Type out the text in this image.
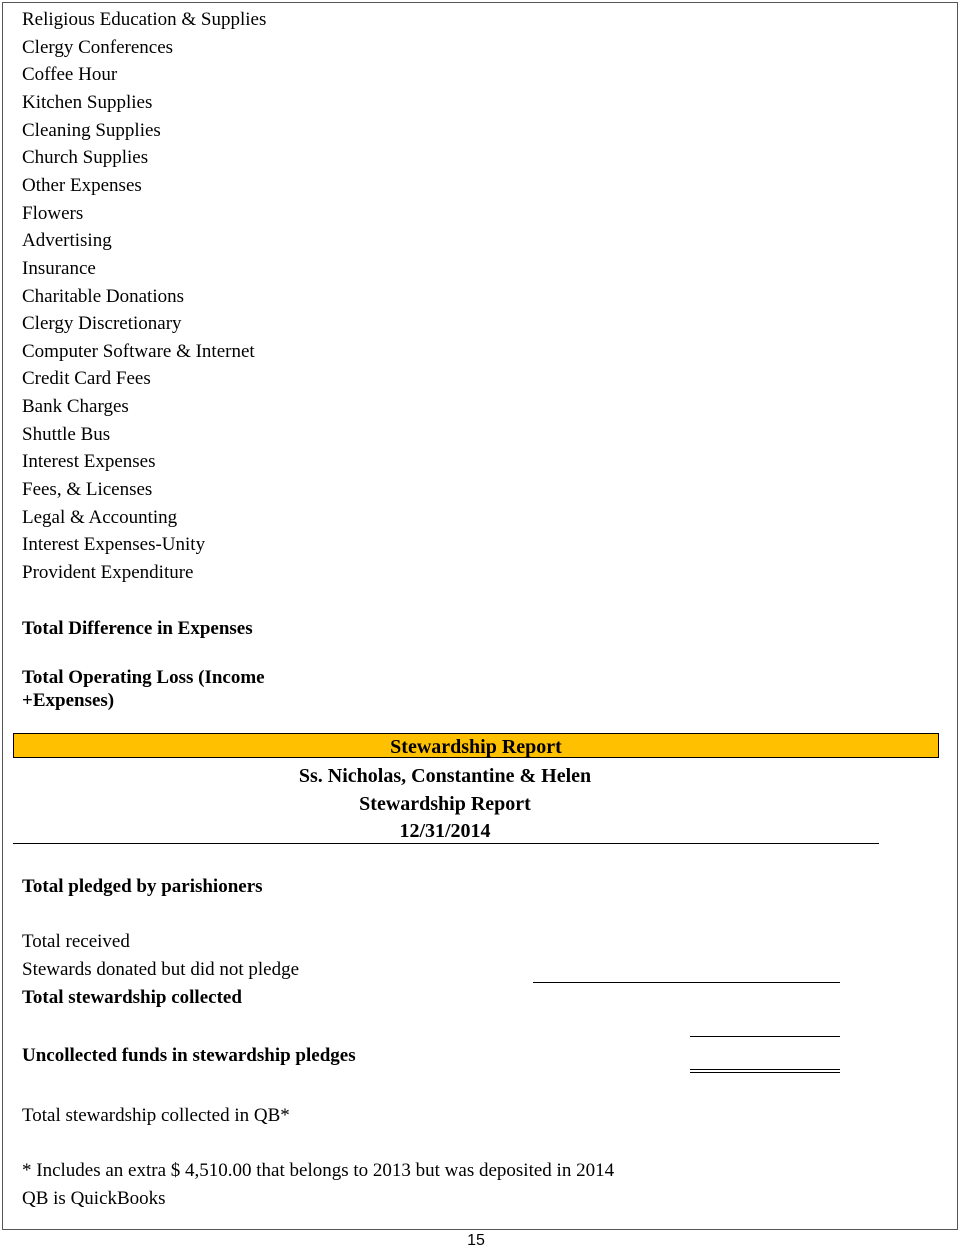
Religious Education & Supplies
Clergy Conferences
Coffee Hour
Kitchen Supplies
Cleaning Supplies
Church Supplies
Other Expenses
Flowers
Advertising
Insurance
Charitable Donations
Clergy Discretionary
Computer Software & Internet
Credit Card Fees
Bank Charges
Shuttle Bus
Interest Expenses
Fees, & Licenses
Legal & Accounting
Interest Expenses-Unity
Provident Expenditure
Total Difference in Expenses
Total Operating Loss (Income
+Expenses)
Stewardship Report
Ss. Nicholas, Constantine & Helen
Stewardship Report
12/31/2014
Total pledged by parishioners
Total received
Stewards donated but did not pledge
Total stewardship collected
Uncollected funds in stewardship pledges
Total stewardship collected in QB*
* Includes an extra $ 4,510.00 that belongs to 2013 but was deposited in 2014
QB is QuickBooks
15
